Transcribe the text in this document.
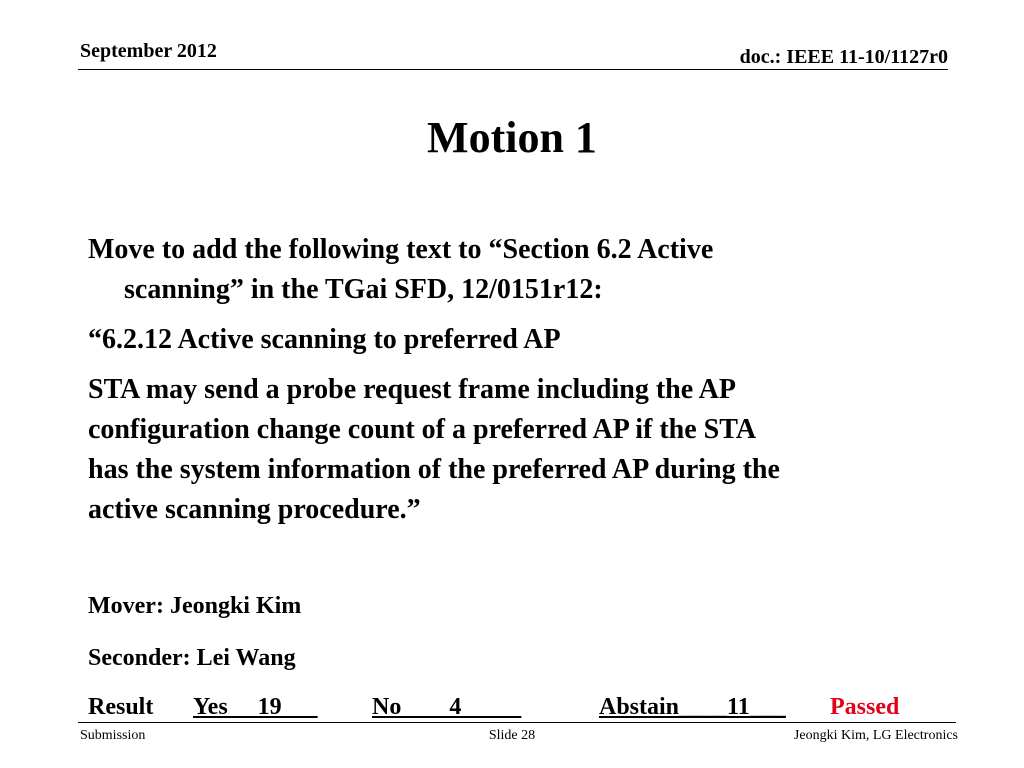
September 2012	doc.: IEEE 11-10/1127r0
Motion 1
Move to add the following text to “Section 6.2 Active
scanning” in the TGai SFD, 12/0151r12:
“6.2.12 Active scanning to preferred AP
STA may send a probe request frame including the AP
configuration change count of a preferred AP if the STA
has the system information of the preferred AP during the
active scanning procedure.”
Mover: Jeongki Kim
Seconder: Lei Wang
Result Yes     19 No        4	Abstain____11___ Passed
Submission	Slide 28	Jeongki Kim, LG Electronics
